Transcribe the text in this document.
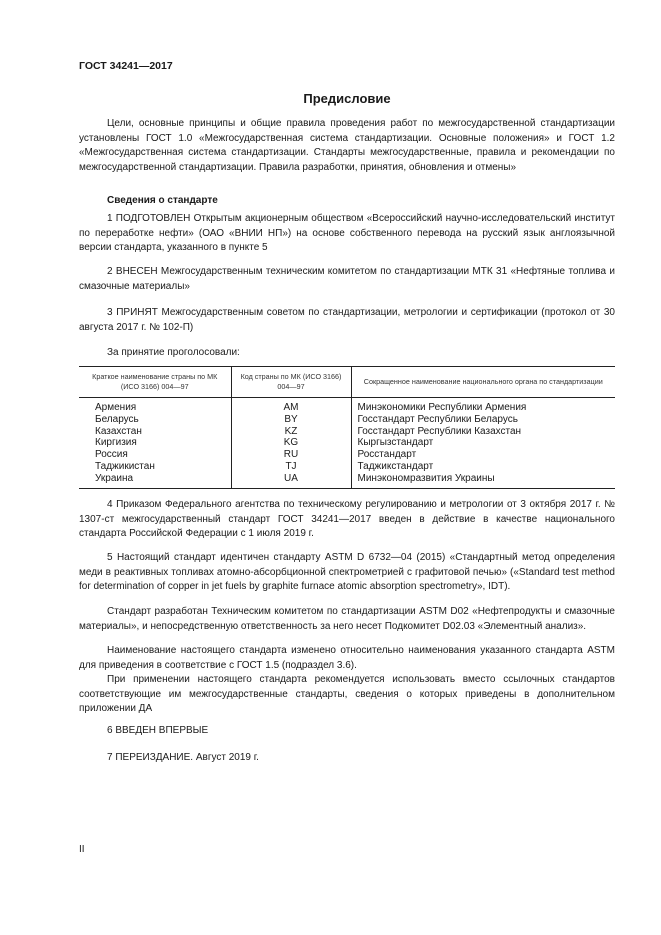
ГОСТ 34241—2017
Предисловие
Цели, основные принципы и общие правила проведения работ по межгосударственной стандартизации установлены ГОСТ 1.0 «Межгосударственная система стандартизации. Основные положения» и ГОСТ 1.2 «Межгосударственная система стандартизации. Стандарты межгосударственные, правила и рекомендации по межгосударственной стандартизации. Правила разработки, принятия, обновления и отмены»
Сведения о стандарте
1 ПОДГОТОВЛЕН Открытым акционерным обществом «Всероссийский научно-исследовательский институт по переработке нефти» (ОАО «ВНИИ НП») на основе собственного перевода на русский язык англоязычной версии стандарта, указанного в пункте 5
2 ВНЕСЕН Межгосударственным техническим комитетом по стандартизации МТК 31 «Нефтяные топлива и смазочные материалы»
3 ПРИНЯТ Межгосударственным советом по стандартизации, метрологии и сертификации (протокол от 30 августа 2017 г. № 102-П)
За принятие проголосовали:
Краткое наименование страны по МК (ИСО 3166) 004—97	Код страны по МК (ИСО 3166) 004—97	Сокращенное наименование национального органа по стандартизации
Армения	AM	Минэкономики Республики Армения
Беларусь	BY	Госстандарт Республики Беларусь
Казахстан	KZ	Госстандарт Республики Казахстан
Киргизия	KG	Кыргызстандарт
Россия	RU	Росстандарт
Таджикистан	TJ	Таджикстандарт
Украина	UA	Минэкономразвития Украины
4 Приказом Федерального агентства по техническому регулированию и метрологии от 3 октября 2017 г. № 1307-ст межгосударственный стандарт ГОСТ 34241—2017 введен в действие в качестве национального стандарта Российской Федерации с 1 июля 2019 г.
5 Настоящий стандарт идентичен стандарту ASTM D 6732—04 (2015) «Стандартный метод определения меди в реактивных топливах атомно-абсорбционной спектрометрией с графитовой печью» («Standard test method for determination of copper in jet fuels by graphite furnace atomic absorption spectrometry», IDT).
Стандарт разработан Техническим комитетом по стандартизации ASTM D02 «Нефтепродукты и смазочные материалы», и непосредственную ответственность за него несет Подкомитет D02.03 «Элементный анализ».
Наименование настоящего стандарта изменено относительно наименования указанного стандарта ASTM для приведения в соответствие с ГОСТ 1.5 (подраздел 3.6).
При применении настоящего стандарта рекомендуется использовать вместо ссылочных стандартов соответствующие им межгосударственные стандарты, сведения о которых приведены в дополнительном приложении ДА
6 ВВЕДЕН ВПЕРВЫЕ
7 ПЕРЕИЗДАНИЕ. Август 2019 г.
II
